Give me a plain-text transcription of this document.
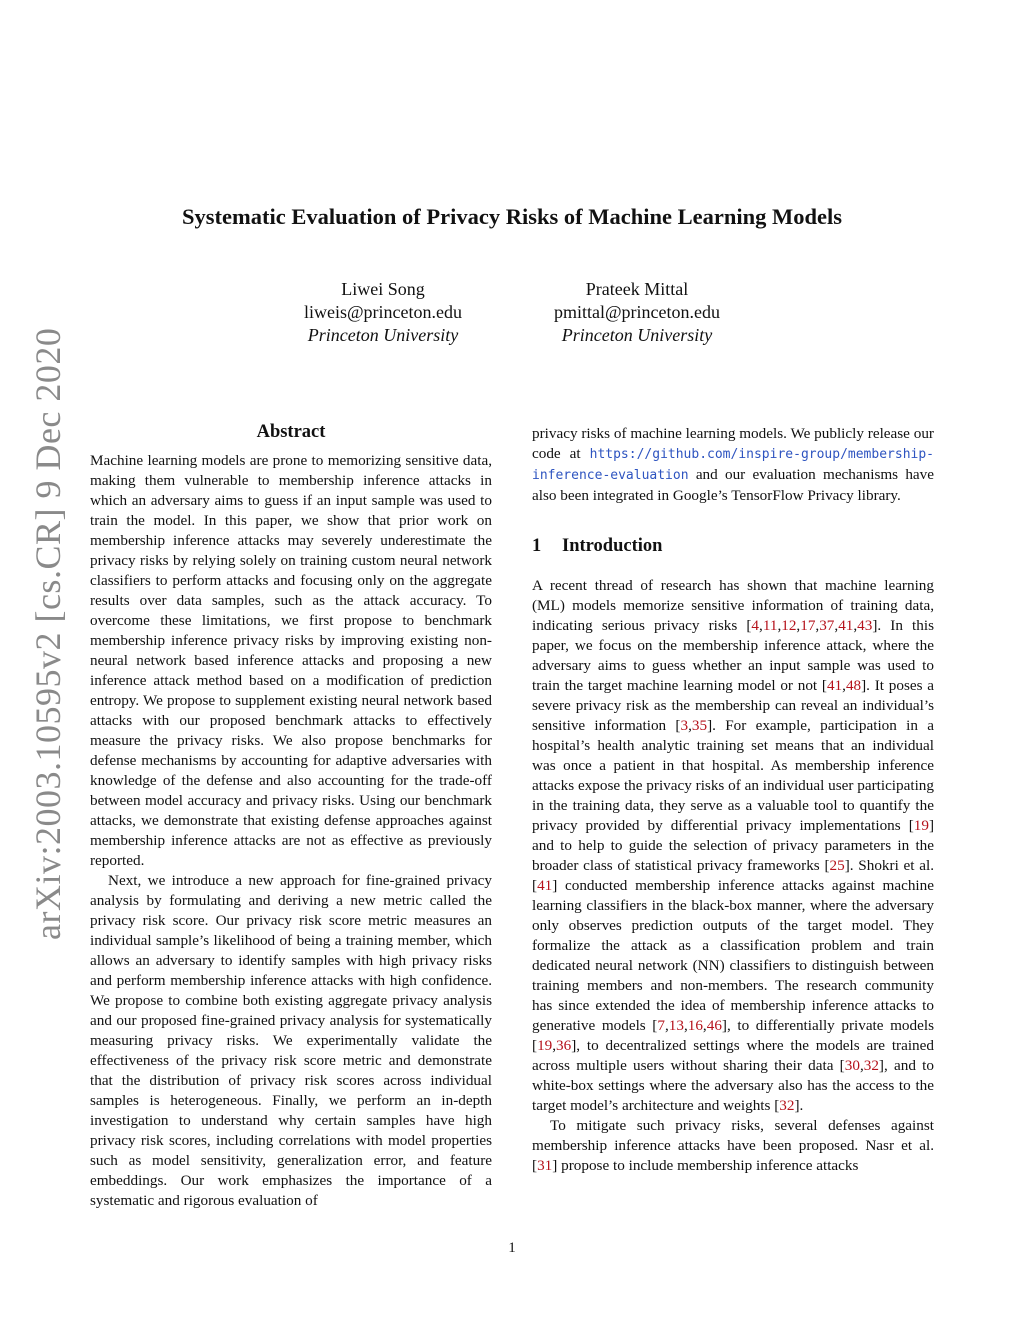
arXiv:2003.10595v2 [cs.CR] 9 Dec 2020
Systematic Evaluation of Privacy Risks of Machine Learning Models
Liwei Song
liweis@princeton.edu
Princeton University
Prateek Mittal
pmittal@princeton.edu
Princeton University
Abstract

Machine learning models are prone to memorizing sensitive data, making them vulnerable to membership inference attacks in which an adversary aims to guess if an input sample was used to train the model. In this paper, we show that prior work on membership inference attacks may severely underestimate the privacy risks by relying solely on training custom neural network classifiers to perform attacks and focusing only on the aggregate results over data samples, such as the attack accuracy. To overcome these limitations, we first propose to benchmark membership inference privacy risks by improving existing non-neural network based inference attacks and proposing a new inference attack method based on a modification of prediction entropy. We propose to supplement existing neural network based attacks with our proposed benchmark attacks to effectively measure the privacy risks. We also propose benchmarks for defense mechanisms by accounting for adaptive adversaries with knowledge of the defense and also accounting for the trade-off between model accuracy and privacy risks. Using our benchmark attacks, we demonstrate that existing defense approaches against membership inference attacks are not as effective as previously reported.

Next, we introduce a new approach for fine-grained privacy analysis by formulating and deriving a new metric called the privacy risk score. Our privacy risk score metric measures an individual sample’s likelihood of being a training member, which allows an adversary to identify samples with high privacy risks and perform membership inference attacks with high confidence. We propose to combine both existing aggregate privacy analysis and our proposed fine-grained privacy analysis for systematically measuring privacy risks. We experimentally validate the effectiveness of the privacy risk score metric and demonstrate that the distribution of privacy risk scores across individual samples is heterogeneous. Finally, we perform an in-depth investigation to understand why certain samples have high privacy risk scores, including correlations with model properties such as model sensitivity, generalization error, and feature embeddings. Our work emphasizes the importance of a systematic and rigorous evaluation of

privacy risks of machine learning models. We publicly release our code at https://github.com/inspire-group/membership-inference-evaluation and our evaluation mechanisms have also been integrated in Google’s TensorFlow Privacy library.

1 Introduction

A recent thread of research has shown that machine learning (ML) models memorize sensitive information of training data, indicating serious privacy risks [4,11,12,17,37,41,43]. In this paper, we focus on the membership inference attack, where the adversary aims to guess whether an input sample was used to train the target machine learning model or not [41,48]. It poses a severe privacy risk as the membership can reveal an individual’s sensitive information [3,35]. For example, participation in a hospital’s health analytic training set means that an individual was once a patient in that hospital. As membership inference attacks expose the privacy risks of an individual user participating in the training data, they serve as a valuable tool to quantify the privacy provided by differential privacy implementations [19] and to help to guide the selection of privacy parameters in the broader class of statistical privacy frameworks [25]. Shokri et al. [41] conducted membership inference attacks against machine learning classifiers in the black-box manner, where the adversary only observes prediction outputs of the target model. They formalize the attack as a classification problem and train dedicated neural network (NN) classifiers to distinguish between training members and non-members. The research community has since extended the idea of membership inference attacks to generative models [7,13,16,46], to differentially private models [19,36], to decentralized settings where the models are trained across multiple users without sharing their data [30,32], and to white-box settings where the adversary also has the access to the target model’s architecture and weights [32].

To mitigate such privacy risks, several defenses against membership inference attacks have been proposed. Nasr et al. [31] propose to include membership inference attacks

1
